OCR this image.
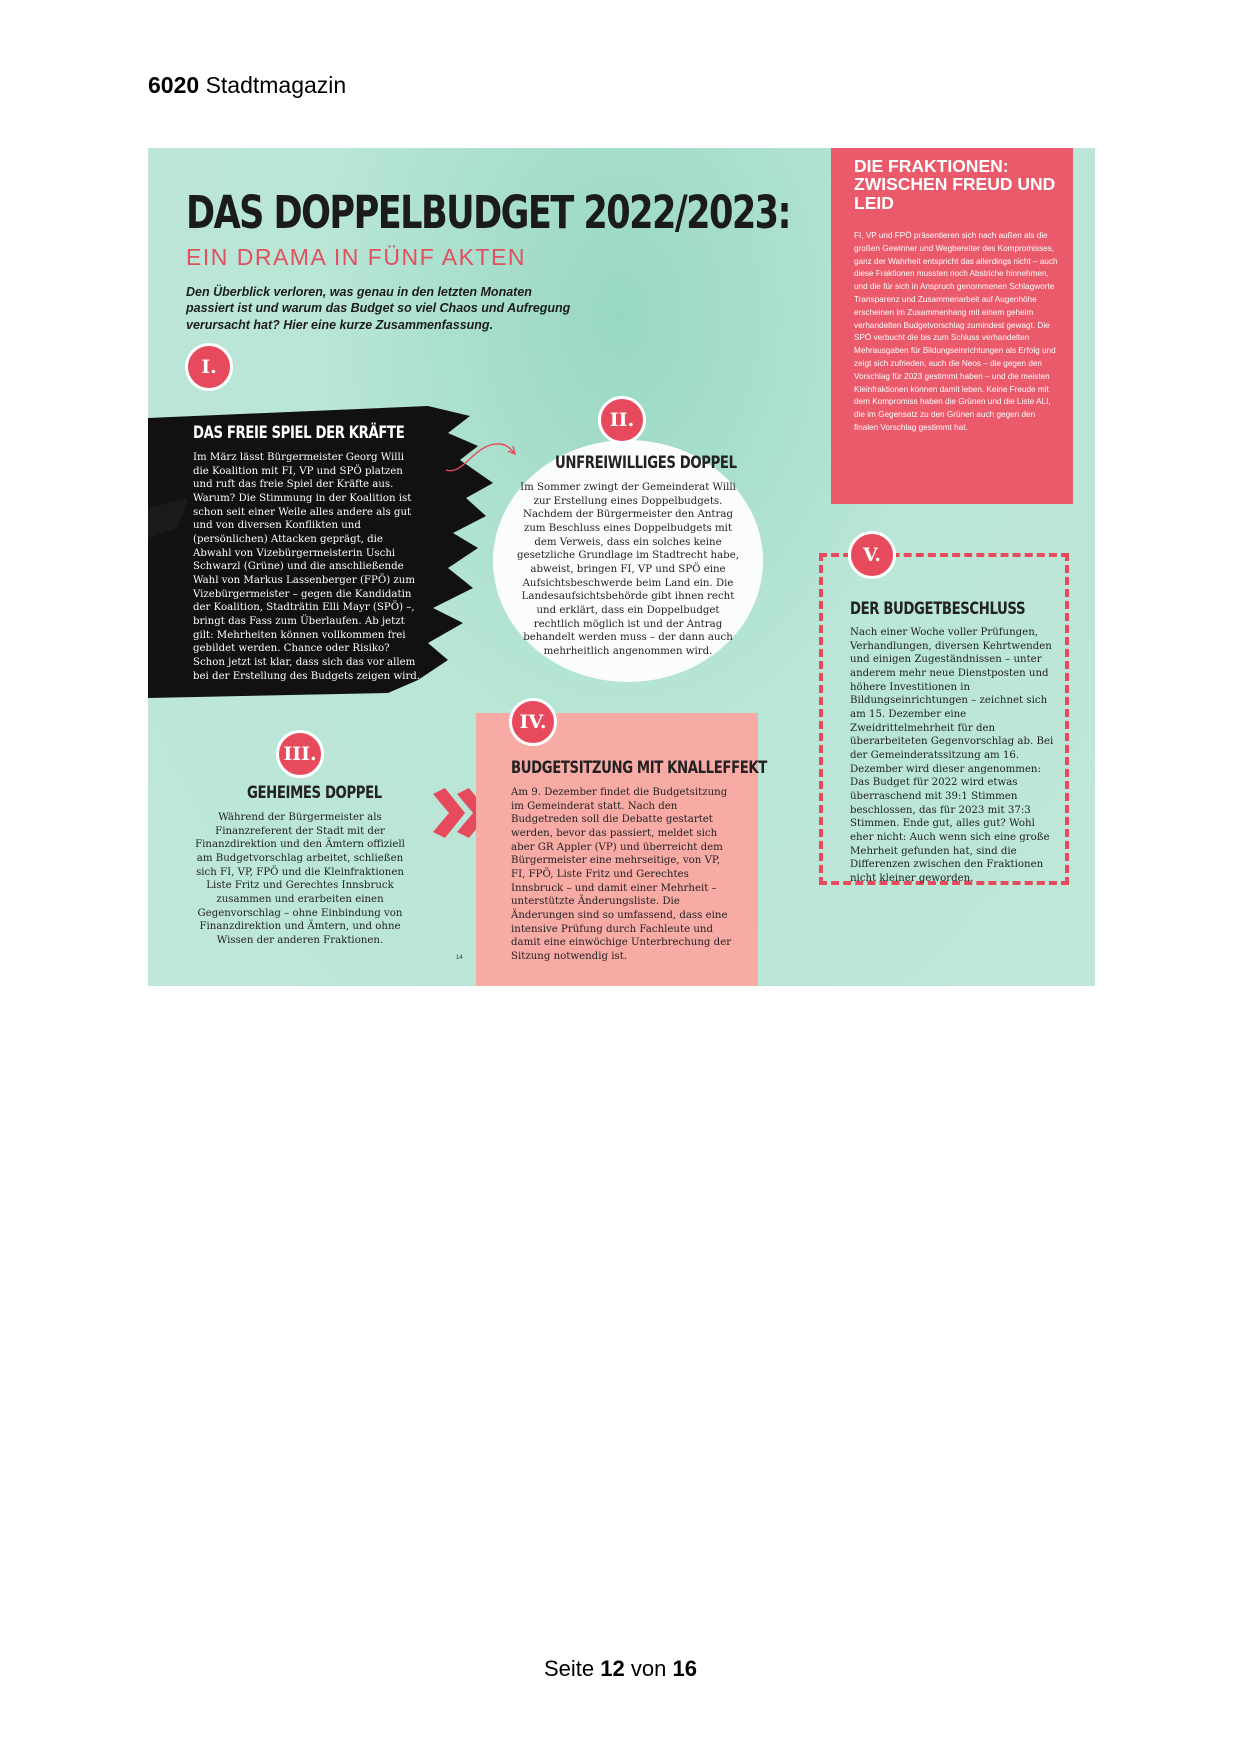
6020 Stadtmagazin
DAS DOPPELBUDGET 2022/2023:
EIN DRAMA IN FÜNF AKTEN
Den Überblick verloren, was genau in den letzten Monaten passiert ist und warum das Budget so viel Chaos und Aufregung verursacht hat? Hier eine kurze Zusammenfassung.
I.
DAS FREIE SPIEL DER KRÄFTE
Im März lässt Bürgermeister Georg Willi die Koalition mit FI, VP und SPÖ platzen und ruft das freie Spiel der Kräfte aus. Warum? Die Stimmung in der Koalition ist schon seit einer Weile alles andere als gut und von diversen Konflikten und (persönlichen) Attacken geprägt, die Abwahl von Vizebürgermeisterin Uschi Schwarzl (Grüne) und die anschließende Wahl von Markus Lassenberger (FPÖ) zum Vizebürgermeister – gegen die Kandidatin der Koalition, Stadträtin Elli Mayr (SPÖ) –, bringt das Fass zum Überlaufen. Ab jetzt gilt: Mehrheiten können vollkommen frei gebildet werden. Chance oder Risiko? Schon jetzt ist klar, dass sich das vor allem bei der Erstellung des Budgets zeigen wird.
II.
UNFREIWILLIGES DOPPEL
Im Sommer zwingt der Gemeinderat Willi zur Erstellung eines Doppelbudgets. Nachdem der Bürgermeister den Antrag zum Beschluss eines Doppelbudgets mit dem Verweis, dass ein solches keine gesetzliche Grundlage im Stadtrecht habe, abweist, bringen FI, VP und SPÖ eine Aufsichtsbeschwerde beim Land ein. Die Landesaufsichtsbehörde gibt ihnen recht und erklärt, dass ein Doppelbudget rechtlich möglich ist und der Antrag behandelt werden muss – der dann auch mehrheitlich angenommen wird.
DIE FRAKTIONEN: ZWISCHEN FREUD UND LEID
FI, VP und FPÖ präsentieren sich nach außen als die großen Gewinner und Wegbereiter des Kompromisses, ganz der Wahrheit entspricht das allerdings nicht – auch diese Fraktionen mussten noch Abstriche hinnehmen, und die für sich in Anspruch genommenen Schlagworte Transparenz und Zusammenarbeit auf Augenhöhe erscheinen im Zusammenhang mit einem geheim verhandelten Budgetvorschlag zumindest gewagt. Die SPÖ verbucht die bis zum Schluss verhandelten Mehrausgaben für Bildungseinrichtungen als Erfolg und zeigt sich zufrieden, auch die Neos – die gegen den Vorschlag für 2023 gestimmt haben – und die meisten Kleinfraktionen können damit leben. Keine Freude mit dem Kompromiss haben die Grünen und die Liste ALI, die im Gegensatz zu den Grünen auch gegen den finalen Vorschlag gestimmt hat.
V.
DER BUDGETBESCHLUSS
Nach einer Woche voller Prüfungen, Verhandlungen, diversen Kehrtwenden und einigen Zugeständnissen – unter anderem mehr neue Dienstposten und höhere Investitionen in Bildungseinrichtungen – zeichnet sich am 15. Dezember eine Zweidrittelmehrheit für den überarbeiteten Gegenvorschlag ab. Bei der Gemeinderatssitzung am 16. Dezember wird dieser angenommen: Das Budget für 2022 wird etwas überraschend mit 39:1 Stimmen beschlossen, das für 2023 mit 37:3 Stimmen. Ende gut, alles gut? Wohl eher nicht: Auch wenn sich eine große Mehrheit gefunden hat, sind die Differenzen zwischen den Fraktionen nicht kleiner geworden.
III.
GEHEIMES DOPPEL
Während der Bürgermeister als Finanzreferent der Stadt mit der Finanzdirektion und den Ämtern offiziell am Budgetvorschlag arbeitet, schließen sich FI, VP, FPÖ und die Kleinfraktionen Liste Fritz und Gerechtes Innsbruck zusammen und erarbeiten einen Gegenvorschlag – ohne Einbindung von Finanzdirektion und Ämtern, und ohne Wissen der anderen Fraktionen.
IV.
BUDGETSITZUNG MIT KNALLEFFEKT
Am 9. Dezember findet die Budgetsitzung im Gemeinderat statt. Nach den Budgetreden soll die Debatte gestartet werden, bevor das passiert, meldet sich aber GR Appler (VP) und überreicht dem Bürgermeister eine mehrseitige, von VP, FI, FPÖ, Liste Fritz und Gerechtes Innsbruck – und damit einer Mehrheit – unterstützte Änderungsliste. Die Änderungen sind so umfassend, dass eine intensive Prüfung durch Fachleute und damit eine einwöchige Unterbrechung der Sitzung notwendig ist.
14
Seite 12 von 16
